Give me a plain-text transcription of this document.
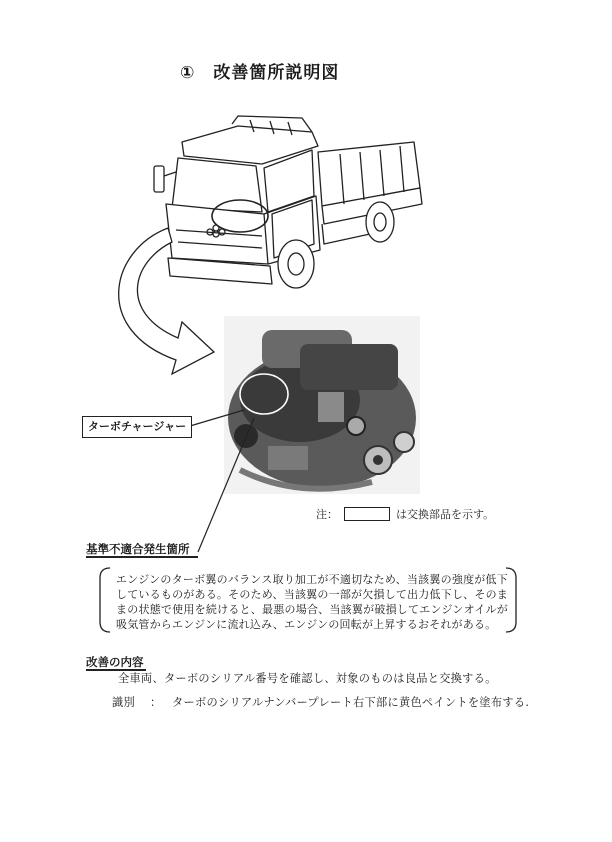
①　改善箇所説明図
ターボチャージャー
注：	は交換部品を示す。
基準不適合発生箇所
エンジンのターボ翼のバランス取り加工が不適切なため、当該翼の強度が低下しているものがある。そのため、当該翼の一部が欠損して出力低下し、そのままの状態で使用を続けると、最悪の場合、当該翼が破損してエンジンオイルが吸気管からエンジンに流れ込み、エンジンの回転が上昇するおそれがある。
改善の内容
全車両、ターボのシリアル番号を確認し、対象のものは良品と交換する。
識別 ： ターボのシリアルナンバープレート右下部に黄色ペイントを塗布する.
